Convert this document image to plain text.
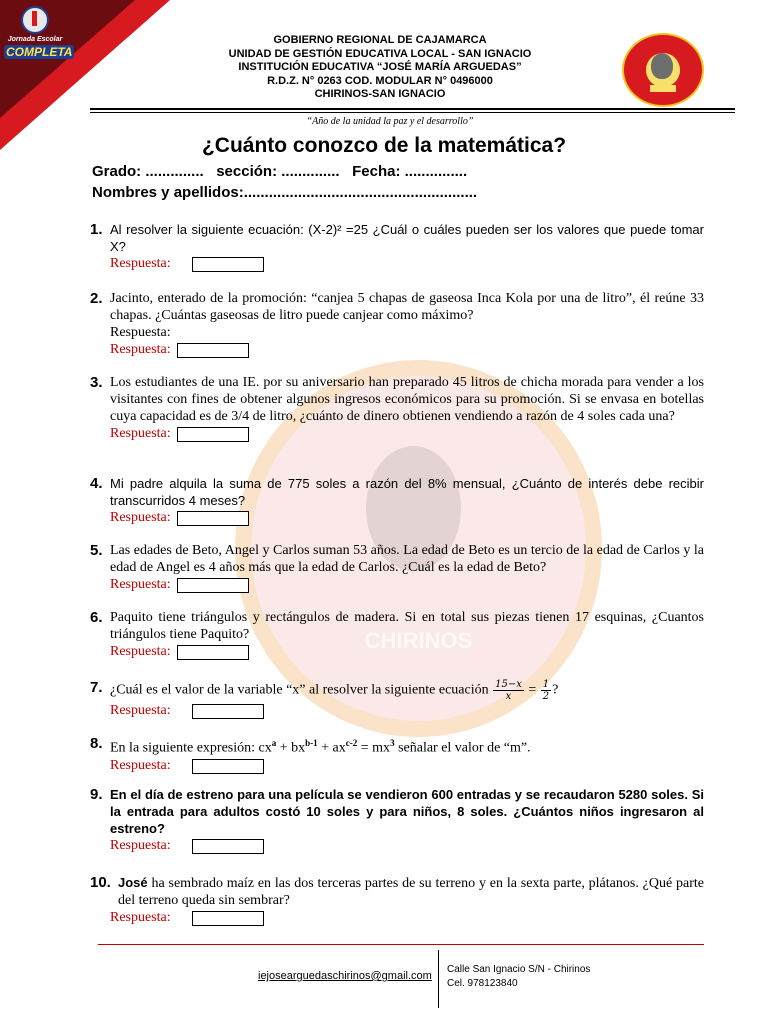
Jornada Escolar
COMPLETA
GOBIERNO REGIONAL DE CAJAMARCA
UNIDAD DE GESTIÓN EDUCATIVA LOCAL - SAN IGNACIO
INSTITUCIÓN EDUCATIVA “JOSÉ MARÍA ARGUEDAS”
R.D.Z. N° 0263 COD. MODULAR N° 0496000
CHIRINOS-SAN IGNACIO
“Año de la unidad la paz y el desarrollo”
CHIRINOS
¿Cuánto conozco de la matemática?
Grado: .............. sección: .............. Fecha: ...............
Nombres y apellidos:........................................................
1. Al resolver la siguiente ecuación: (X-2)² =25 ¿Cuál o cuáles pueden ser los valores que puede tomar X?
Respuesta:
2. Jacinto, enterado de la promoción: “canjea 5 chapas de gaseosa Inca Kola por una de litro”, él reúne 33 chapas. ¿Cuántas gaseosas de litro puede canjear como máximo?
Respuesta:
Respuesta:
3. Los estudiantes de una IE. por su aniversario han preparado 45 litros de chicha morada para vender a los visitantes con fines de obtener algunos ingresos económicos para su promoción. Si se envasa en botellas cuya capacidad es de 3/4 de litro, ¿cuánto de dinero obtienen vendiendo a razón de 4 soles cada una?
Respuesta:
4. Mi padre alquila la suma de 775 soles a razón del 8% mensual, ¿Cuánto de interés debe recibir transcurridos 4 meses?
Respuesta:
5. Las edades de Beto, Angel y Carlos suman 53 años. La edad de Beto es un tercio de la edad de Carlos y la edad de Angel es 4 años más que la edad de Carlos. ¿Cuál es la edad de Beto?
Respuesta:
6. Paquito tiene triángulos y rectángulos de madera. Si en total sus piezas tienen 17 esquinas, ¿Cuantos triángulos tiene Paquito?
Respuesta:
7. ¿Cuál es el valor de la variable “x” al resolver la siguiente ecuación $\frac{15-x}{x} = \frac{1}{2}$ ?
Respuesta:
8. En la siguiente expresión: $cx^a + bx^{b-1} + ax^{c-2} = mx^3$ señalar el valor de “m”.
Respuesta:
9. En el día de estreno para una película se vendieron 600 entradas y se recaudaron 5280 soles. Si la entrada para adultos costó 10 soles y para niños, 8 soles. ¿Cuántos niños ingresaron al estreno?
Respuesta:
10. José ha sembrado maíz en las dos terceras partes de su terreno y en la sexta parte, plátanos. ¿Qué parte del terreno queda sin sembrar?
Respuesta:
iejosearguedaschirinos@gmail.com
Calle San Ignacio S/N - Chirinos
Cel. 978123840
